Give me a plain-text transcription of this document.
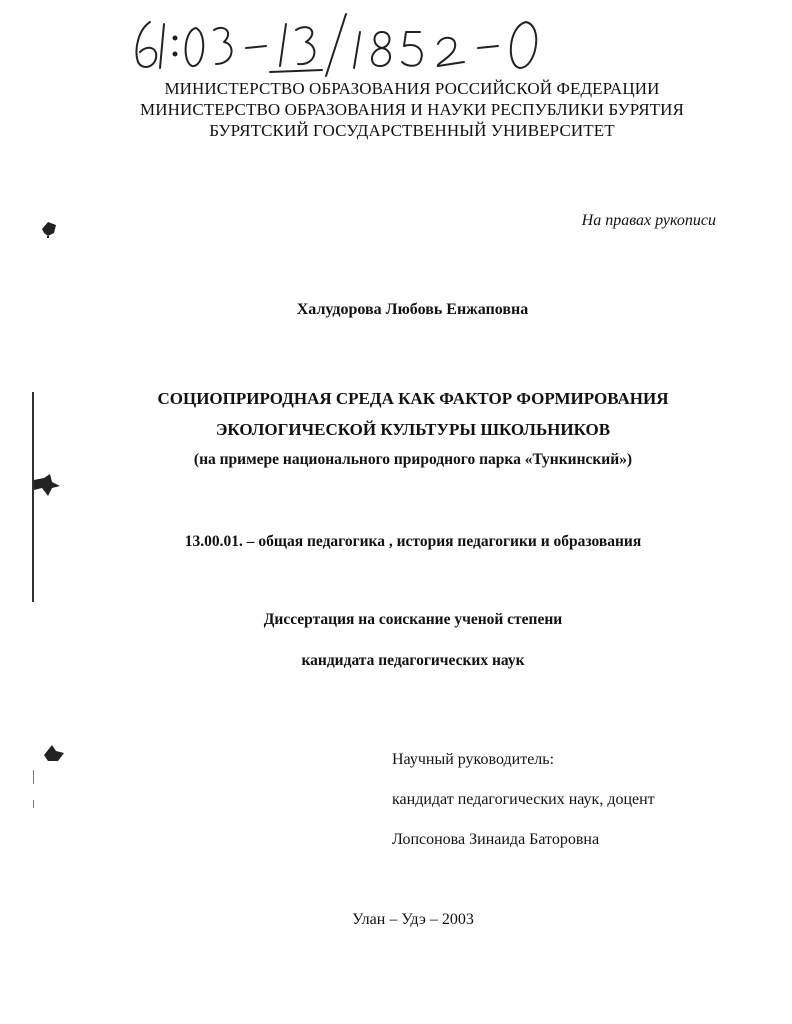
МИНИСТЕРСТВО ОБРАЗОВАНИЯ РОССИЙСКОЙ ФЕДЕРАЦИИ
МИНИСТЕРСТВО ОБРАЗОВАНИЯ И НАУКИ РЕСПУБЛИКИ БУРЯТИЯ
БУРЯТСКИЙ ГОСУДАРСТВЕННЫЙ УНИВЕРСИТЕТ
На правах рукописи
Халудорова Любовь Енжаповна
СОЦИОПРИРОДНАЯ СРЕДА КАК ФАКТОР ФОРМИРОВАНИЯ
ЭКОЛОГИЧЕСКОЙ КУЛЬТУРЫ ШКОЛЬНИКОВ
(на примере национального природного парка «Тункинский»)
13.00.01. – общая педагогика , история педагогики и образования
Диссертация на соискание ученой степени
кандидата педагогических наук
Научный руководитель:
кандидат педагогических наук, доцент
Лопсонова Зинаида Баторовна
Улан – Удэ – 2003
